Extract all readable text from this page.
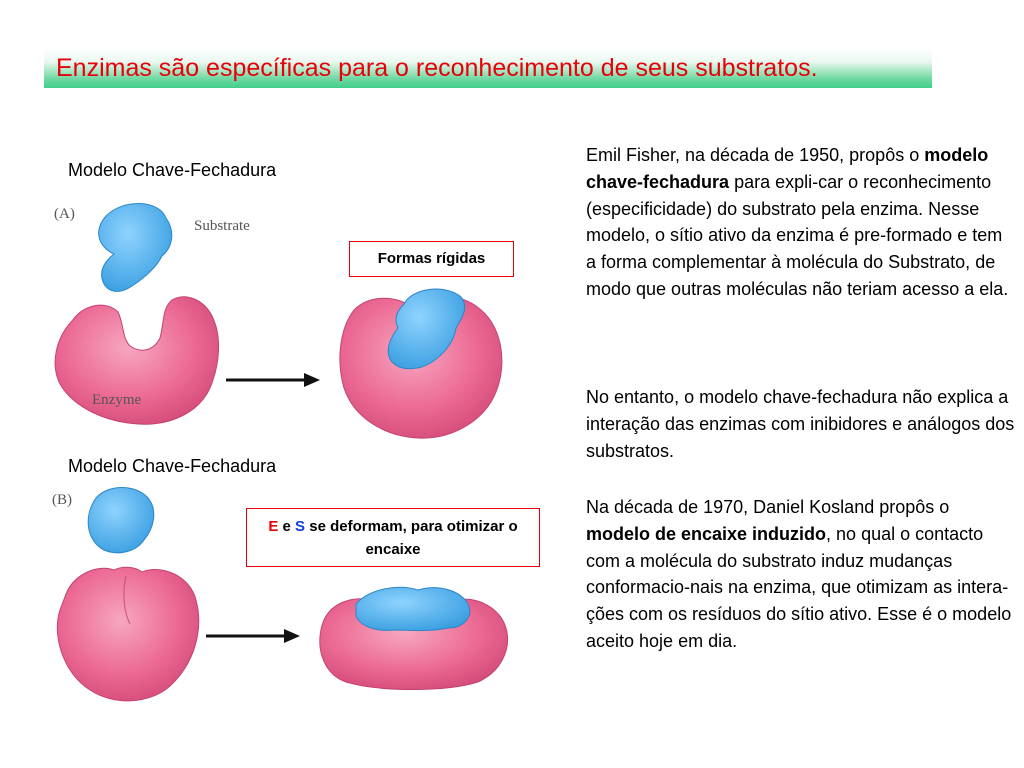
Enzimas são específicas para o reconhecimento de seus substratos.
Modelo Chave-Fechadura
(A)
Substrate
Enzyme
Formas rígidas
Modelo Chave-Fechadura
(B)
E e S se deformam, para otimizar o encaixe

Emil Fisher, na década de 1950, propôs o modelo chave-fechadura para expli-car o reconhecimento (especificidade) do substrato pela enzima. Nesse modelo, o sítio ativo da enzima é pre-formado e tem a forma complementar à molécula do Substrato, de modo que outras moléculas não teriam acesso a ela.

No entanto, o modelo chave-fechadura não explica a interação das enzimas com inibidores e análogos dos substratos.

Na década de 1970, Daniel Kosland propôs o modelo de encaixe induzido, no qual o contacto com a molécula do substrato induz mudanças conformacio-nais na enzima, que otimizam as intera-ções com os resíduos do sítio ativo. Esse é o modelo aceito hoje em dia.
